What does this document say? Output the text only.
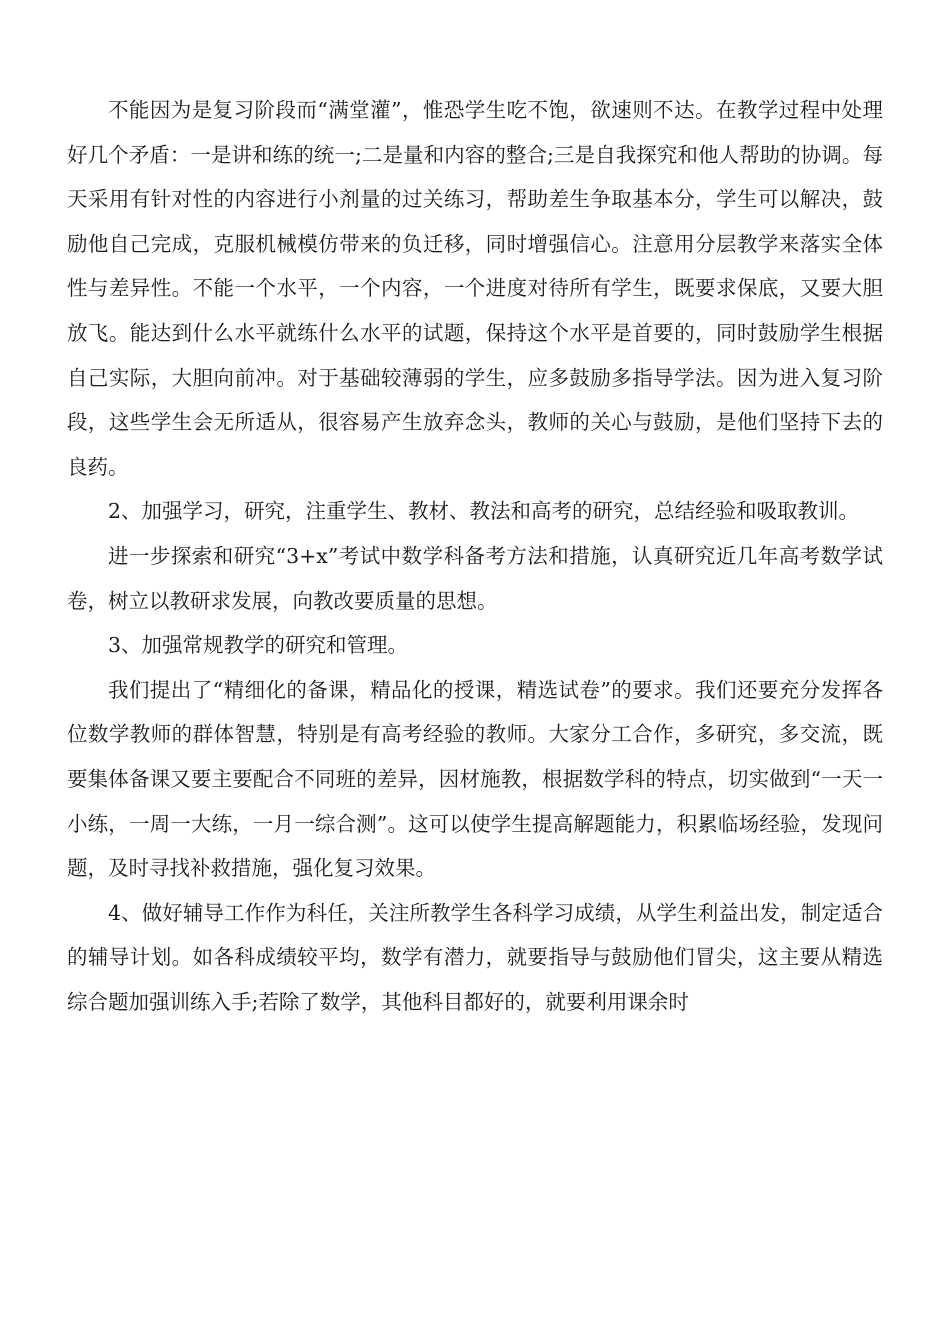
不能因为是复习阶段而“满堂灌”，惟恐学生吃不饱，欲速则不达。在教学过程中处理好几个矛盾：一是讲和练的统一;二是量和内容的整合;三是自我探究和他人帮助的协调。每天采用有针对性的内容进行小剂量的过关练习，帮助差生争取基本分，学生可以解决，鼓励他自己完成，克服机械模仿带来的负迁移，同时增强信心。注意用分层教学来落实全体性与差异性。不能一个水平，一个内容，一个进度对待所有学生，既要求保底，又要大胆放飞。能达到什么水平就练什么水平的试题，保持这个水平是首要的，同时鼓励学生根据自己实际，大胆向前冲。对于基础较薄弱的学生，应多鼓励多指导学法。因为进入复习阶段，这些学生会无所适从，很容易产生放弃念头，教师的关心与鼓励，是他们坚持下去的良药。

2、加强学习，研究，注重学生、教材、教法和高考的研究，总结经验和吸取教训。

进一步探索和研究“3+x”考试中数学科备考方法和措施，认真研究近几年高考数学试卷，树立以教研求发展，向教改要质量的思想。

3、加强常规教学的研究和管理。

我们提出了“精细化的备课，精品化的授课，精选试卷”的要求。我们还要充分发挥各位数学教师的群体智慧，特别是有高考经验的教师。大家分工合作，多研究，多交流，既要集体备课又要主要配合不同班的差异，因材施教，根据数学科的特点，切实做到“一天一小练，一周一大练，一月一综合测”。这可以使学生提高解题能力，积累临场经验，发现问题，及时寻找补救措施，强化复习效果。

4、做好辅导工作作为科任，关注所教学生各科学习成绩，从学生利益出发，制定适合的辅导计划。如各科成绩较平均，数学有潜力，就要指导与鼓励他们冒尖，这主要从精选综合题加强训练入手;若除了数学，其他科目都好的，就要利用课余时
